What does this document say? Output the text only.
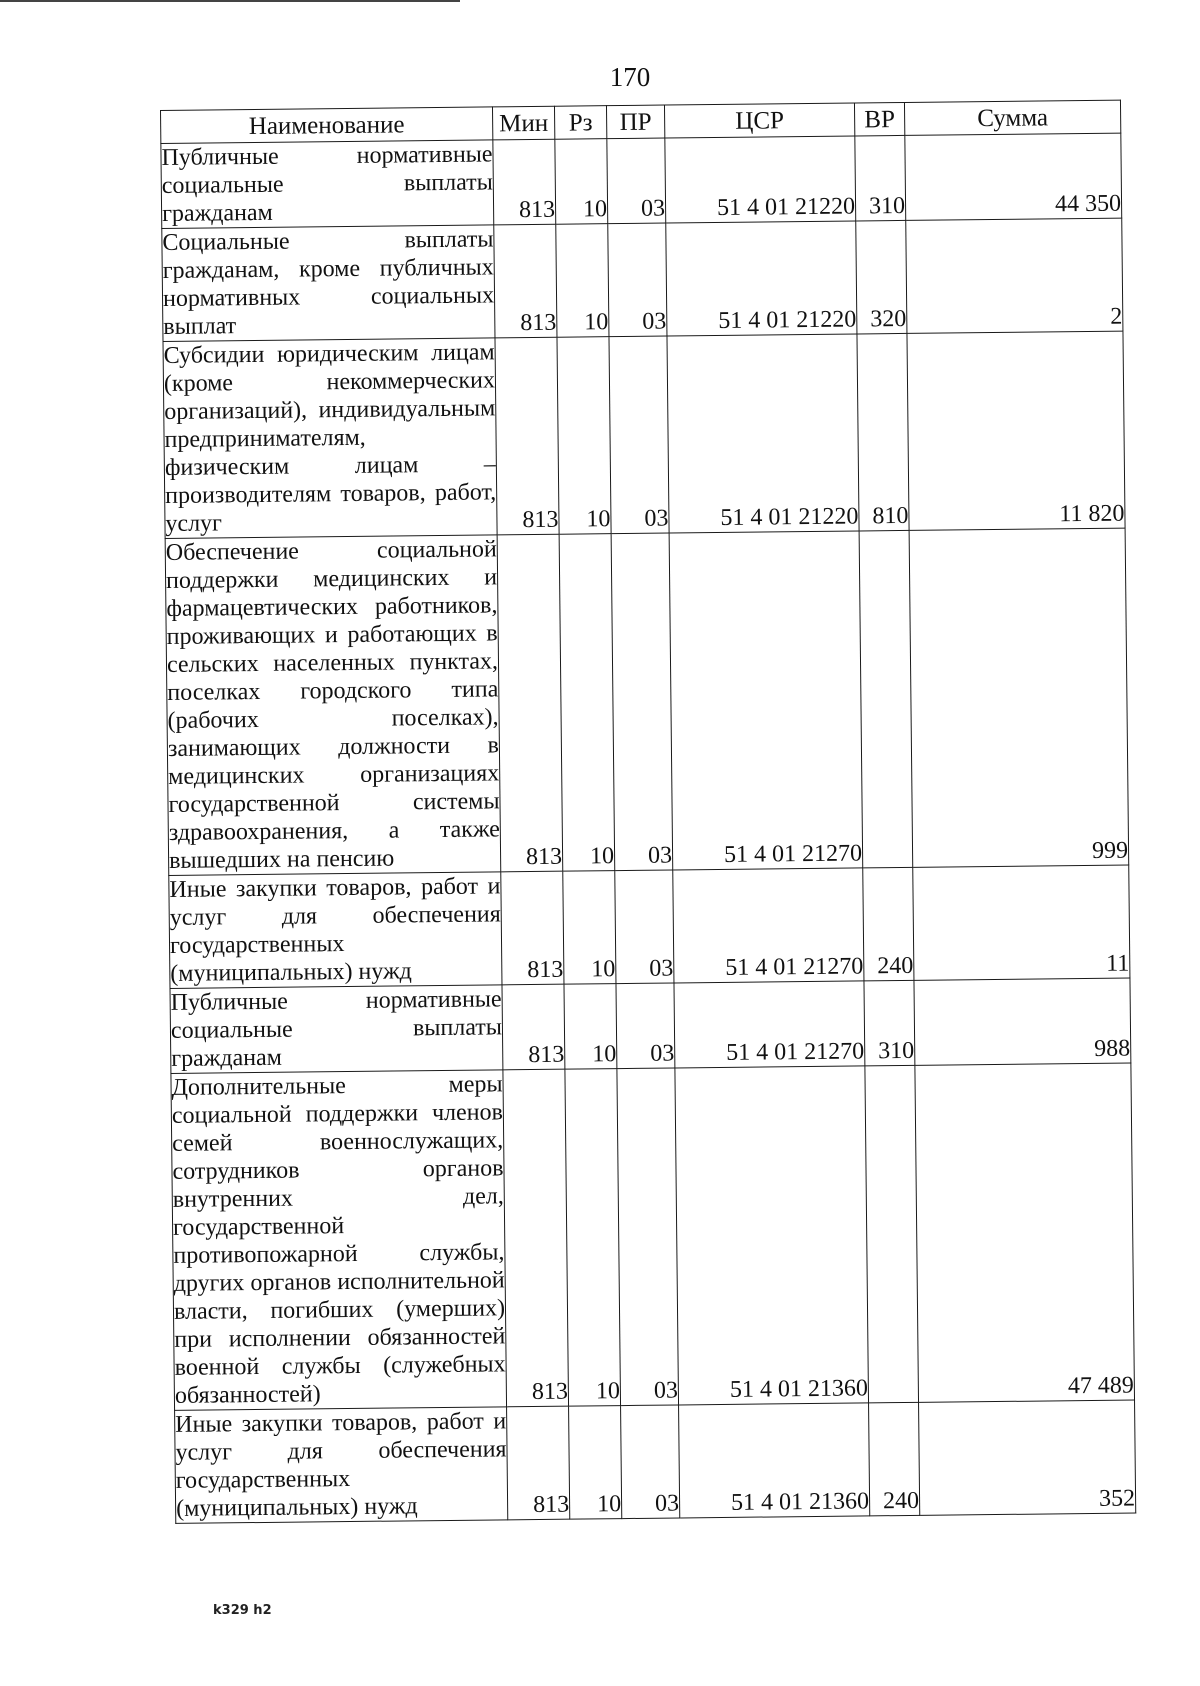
170
Наименование	Мин	Рз	ПР	ЦСР	ВР	Сумма
Публичные нормативные социальные выплаты гражданам	813	10	03	51 4 01 21220	310	44 350
Социальные выплаты гражданам, кроме публичных нормативных социальных выплат	813	10	03	51 4 01 21220	320	2
Субсидии юридическим лицам (кроме некоммерческих организаций), индивидуальным предпринимателям, физическим лицам – производителям товаров, работ, услуг	813	10	03	51 4 01 21220	810	11 820
Обеспечение социальной поддержки медицинских и фармацевтических работников, проживающих и работающих в сельских населенных пунктах, поселках городского типа (рабочих поселках), занимающих должности в медицинских организациях государственной системы здравоохранения, а также вышедших на пенсию	813	10	03	51 4 01 21270		999
Иные закупки товаров, работ и услуг для обеспечения государственных (муниципальных) нужд	813	10	03	51 4 01 21270	240	11
Публичные нормативные социальные выплаты гражданам	813	10	03	51 4 01 21270	310	988
Дополнительные меры социальной поддержки членов семей военнослужащих, сотрудников органов внутренних дел, государственной противопожарной службы, других органов исполнительной власти, погибших (умерших) при исполнении обязанностей военной службы (служебных обязанностей)	813	10	03	51 4 01 21360		47 489
Иные закупки товаров, работ и услуг для обеспечения государственных (муниципальных) нужд	813	10	03	51 4 01 21360	240	352
k329 h2
